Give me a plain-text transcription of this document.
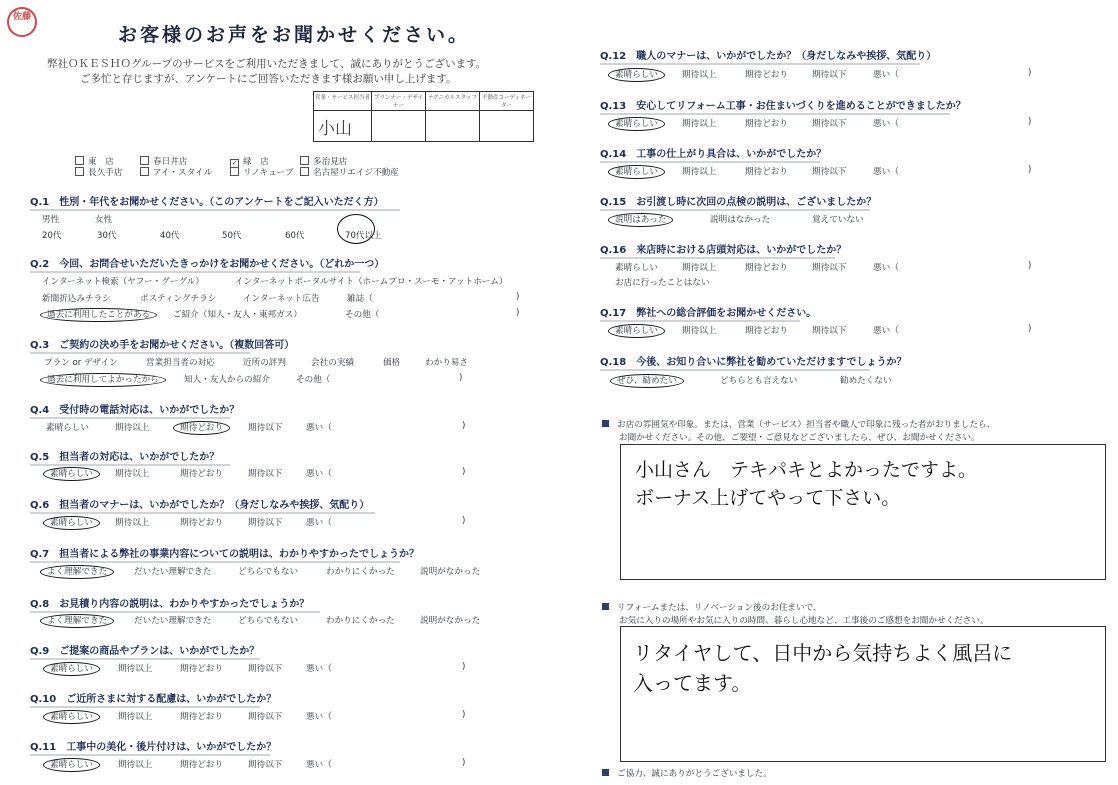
佐藤
お客様のお声をお聞かせください。
弊社ＯＫＥＳＨＯグループのサービスをご利用いただきまして、誠にありがとうございます。
ご多忙と存じますが、アンケートにご回答いただきます様お願い申し上げます。
営業・サービス担当者	プランナー・デザイナー	テクニカルスタッフ	不動産コーディネーター
小山			
東　店	春日井店	✓ 緑　店	多治見店
長久手店	アイ・スタイル	リノキューブ	名古屋リエイジ不動産
Q.1　性別・年代をお聞かせください。（このアンケートをご記入いただく方）
男性	女性
20代	30代	40代	50代	60代	70代以上
Q.2　今回、お問合せいただいたきっかけをお聞かせください。（どれか一つ）
インターネット検索（ヤフー・グーグル）	インターネットポータルサイト（ホームプロ・スーモ・アットホーム）
新聞折込みチラシ	ポスティングチラシ	インターネット広告	雑誌（	)
過去に利用したことがある	ご紹介（知人・友人・東邦ガス）	その他（	)
Q.3　ご契約の決め手をお聞かせください。（複数回答可）
プラン or デザイン	営業担当者の対応	近所の評判	会社の実績	価格	わかり易さ
過去に利用してよかったから	知人・友人からの紹介	その他（	)
Q.4　受付時の電話対応は、いかがでしたか？
素晴らしい	期待以上	期待どおり	期待以下	悪い（	)
Q.5　担当者の対応は、いかがでしたか？
素晴らしい	期待以上	期待どおり	期待以下	悪い（	)
Q.6　担当者のマナーは、いかがでしたか？（身だしなみや挨拶、気配り）
素晴らしい	期待以上	期待どおり	期待以下	悪い（	)
Q.7　担当者による弊社の事業内容についての説明は、わかりやすかったでしょうか？
よく理解できた	だいたい理解できた	どちらでもない	わかりにくかった	説明がなかった
Q.8　お見積り内容の説明は、わかりやすかったでしょうか？
よく理解できた	だいたい理解できた	どちらでもない	わかりにくかった	説明がなかった
Q.9　ご提案の商品やプランは、いかがでしたか？
素晴らしい	期待以上	期待どおり	期待以下	悪い（	)
Q.10　ご近所さまに対する配慮は、いかがでしたか？
素晴らしい	期待以上	期待どおり	期待以下	悪い（	)
Q.11　工事中の美化・後片付けは、いかがでしたか？
素晴らしい	期待以上	期待どおり	期待以下	悪い（	)
Q.12　職人のマナーは、いかがでしたか？（身だしなみや挨拶、気配り）
素晴らしい	期待以上	期待どおり	期待以下	悪い（	)
Q.13　安心してリフォーム工事・お住まいづくりを進めることができましたか？
素晴らしい	期待以上	期待どおり	期待以下	悪い（	)
Q.14　工事の仕上がり具合は、いかがでしたか？
素晴らしい	期待以上	期待どおり	期待以下	悪い（	)
Q.15　お引渡し時に次回の点検の説明は、ございましたか？
説明はあった	説明はなかった	覚えていない
Q.16　来店時における店頭対応は、いかがでしたか？
素晴らしい	期待以上	期待どおり	期待以下	悪い（	)
お店に行ったことはない
Q.17　弊社への総合評価をお聞かせください。
素晴らしい	期待以上	期待どおり	期待以下	悪い（	)
Q.18　今後、お知り合いに弊社を勧めていただけますでしょうか？
ぜひ、勧めたい	どちらとも言えない	勧めたくない
お店の雰囲気や印象。または、営業（サービス）担当者や職人で印象に残った者がおりましたら、
お聞かせください。その他、ご要望・ご意見などございましたら、ぜひ、お聞かせください。
小山さん　テキパキとよかったですよ。
ボーナス上げてやって下さい。
リフォームまたは、リノベーション後のお住まいで、
お気に入りの場所やお気に入りの時間、暮らし心地など、工事後のご感想をお聞かせください。
リタイヤして、日中から気持ちよく風呂に
入ってます。
ご協力、誠にありがとうございました。
